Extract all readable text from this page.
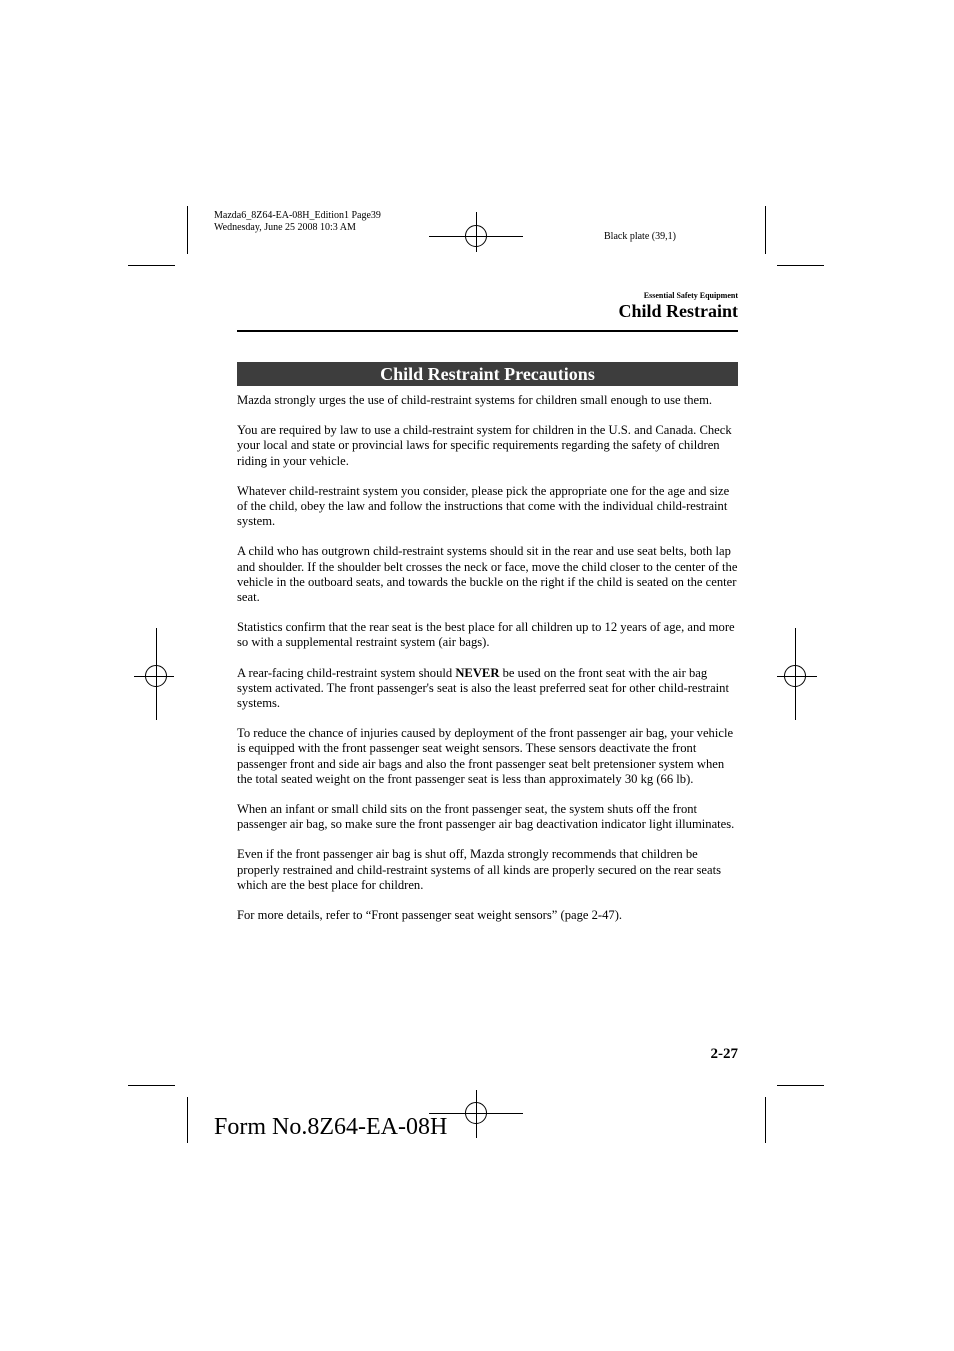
Mazda6_8Z64-EA-08H_Edition1 Page39
Wednesday, June 25 2008 10:3 AM
Black plate (39,1)
Essential Safety Equipment
Child Restraint
Child Restraint Precautions

Mazda strongly urges the use of child-restraint systems for children small enough to use them.

You are required by law to use a child-restraint system for children in the U.S. and Canada. Check your local and state or provincial laws for specific requirements regarding the safety of children riding in your vehicle.

Whatever child-restraint system you consider, please pick the appropriate one for the age and size of the child, obey the law and follow the instructions that come with the individual child-restraint system.

A child who has outgrown child-restraint systems should sit in the rear and use seat belts, both lap and shoulder. If the shoulder belt crosses the neck or face, move the child closer to the center of the vehicle in the outboard seats, and towards the buckle on the right if the child is seated on the center seat.

Statistics confirm that the rear seat is the best place for all children up to 12 years of age, and more so with a supplemental restraint system (air bags).

A rear-facing child-restraint system should NEVER be used on the front seat with the air bag system activated. The front passenger's seat is also the least preferred seat for other child-restraint systems.

To reduce the chance of injuries caused by deployment of the front passenger air bag, your vehicle is equipped with the front passenger seat weight sensors. These sensors deactivate the front passenger front and side air bags and also the front passenger seat belt pretensioner system when the total seated weight on the front passenger seat is less than approximately 30 kg (66 lb).

When an infant or small child sits on the front passenger seat, the system shuts off the front passenger air bag, so make sure the front passenger air bag deactivation indicator light illuminates.

Even if the front passenger air bag is shut off, Mazda strongly recommends that children be properly restrained and child-restraint systems of all kinds are properly secured on the rear seats which are the best place for children.

For more details, refer to “Front passenger seat weight sensors” (page 2-47).

2-27
Form No.8Z64-EA-08H
